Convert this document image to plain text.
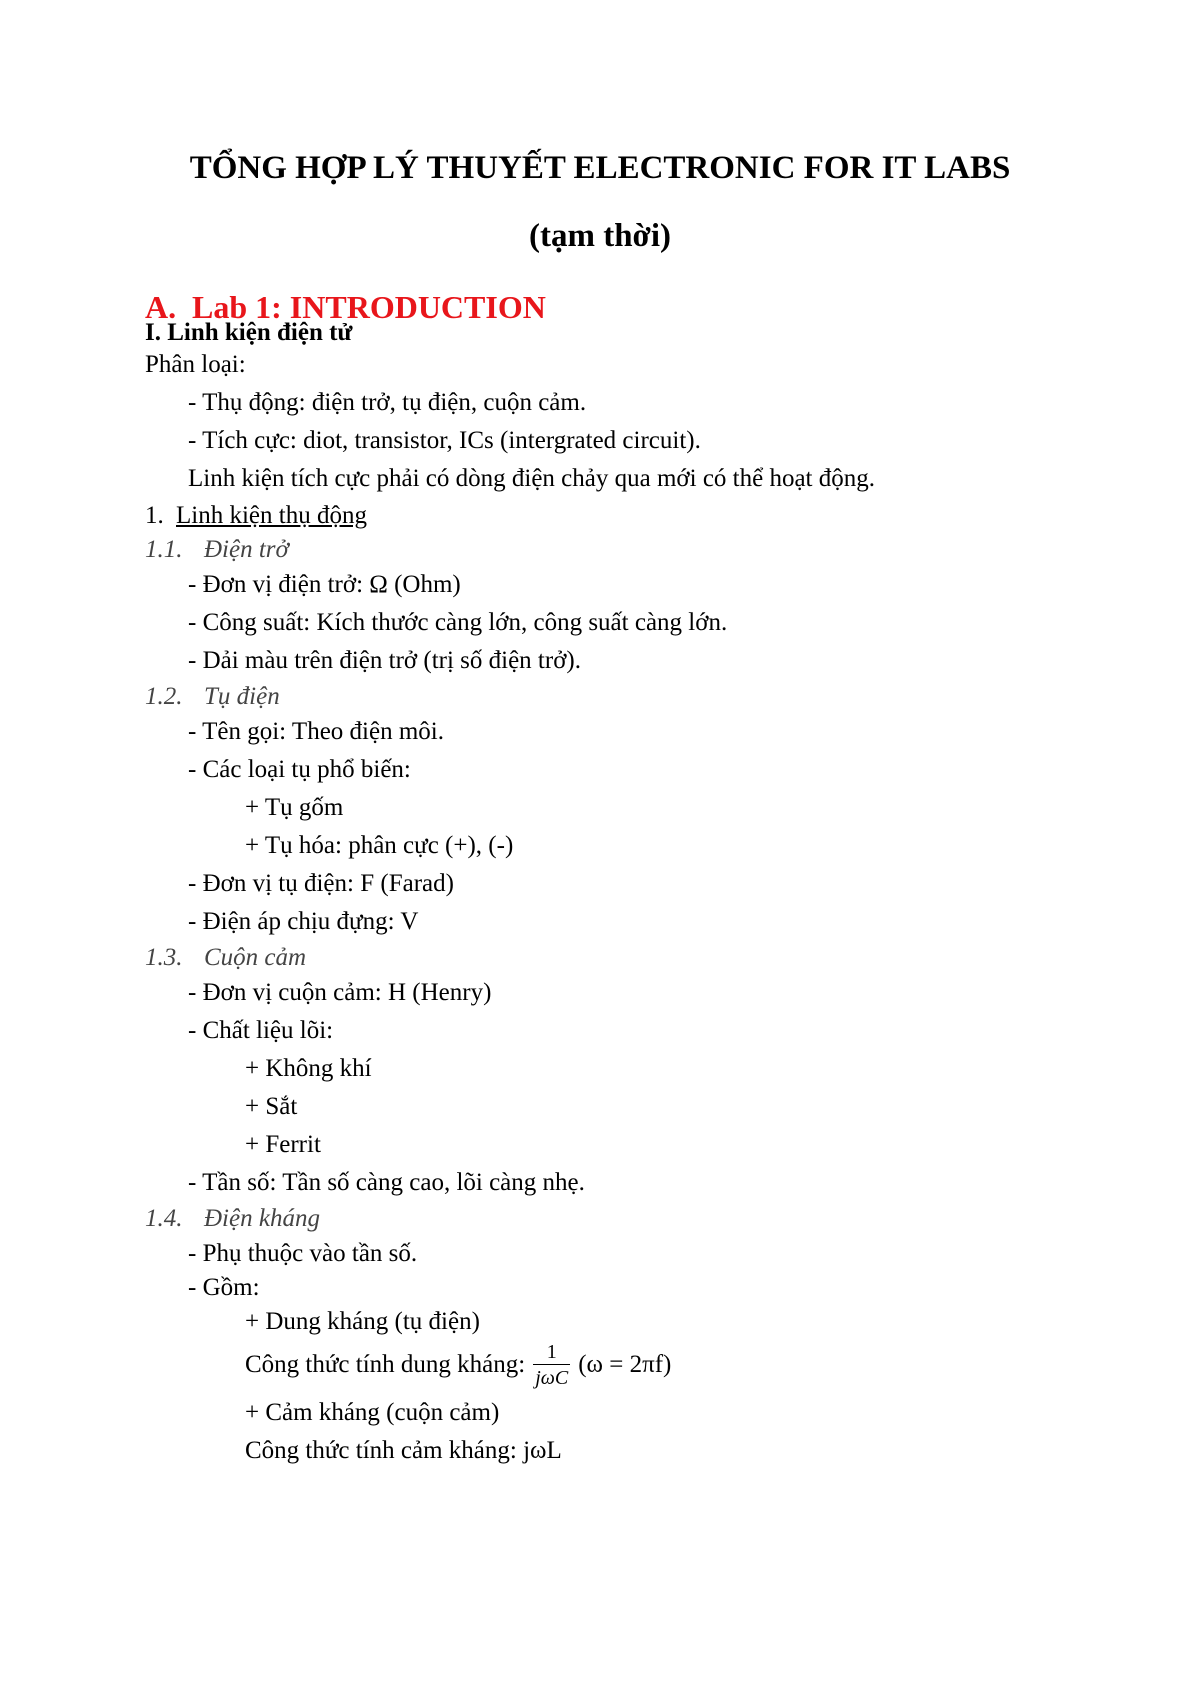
TỔNG HỢP LÝ THUYẾT ELECTRONIC FOR IT LABS
(tạm thời)
A. Lab 1: INTRODUCTION
I. Linh kiện điện tử
Phân loại:
- Thụ động: điện trở, tụ điện, cuộn cảm.
- Tích cực: diot, transistor, ICs (intergrated circuit).
Linh kiện tích cực phải có dòng điện chảy qua mới có thể hoạt động.
1. Linh kiện thụ động
1.1. Điện trở
- Đơn vị điện trở: Ω (Ohm)
- Công suất: Kích thước càng lớn, công suất càng lớn.
- Dải màu trên điện trở (trị số điện trở).
1.2. Tụ điện
- Tên gọi: Theo điện môi.
- Các loại tụ phổ biến:
+ Tụ gốm
+ Tụ hóa: phân cực (+), (-)
- Đơn vị tụ điện: F (Farad)
- Điện áp chịu đựng: V
1.3. Cuộn cảm
- Đơn vị cuộn cảm: H (Henry)
- Chất liệu lõi:
+ Không khí
+ Sắt
+ Ferrit
- Tần số: Tần số càng cao, lõi càng nhẹ.
1.4. Điện kháng
- Phụ thuộc vào tần số.
- Gồm:
+ Dung kháng (tụ điện)
Công thức tính dung kháng: $\frac{1}{\text{jωC}} (\omega = 2\pi f)$
+ Cảm kháng (cuộn cảm)
Công thức tính cảm kháng: jωL
